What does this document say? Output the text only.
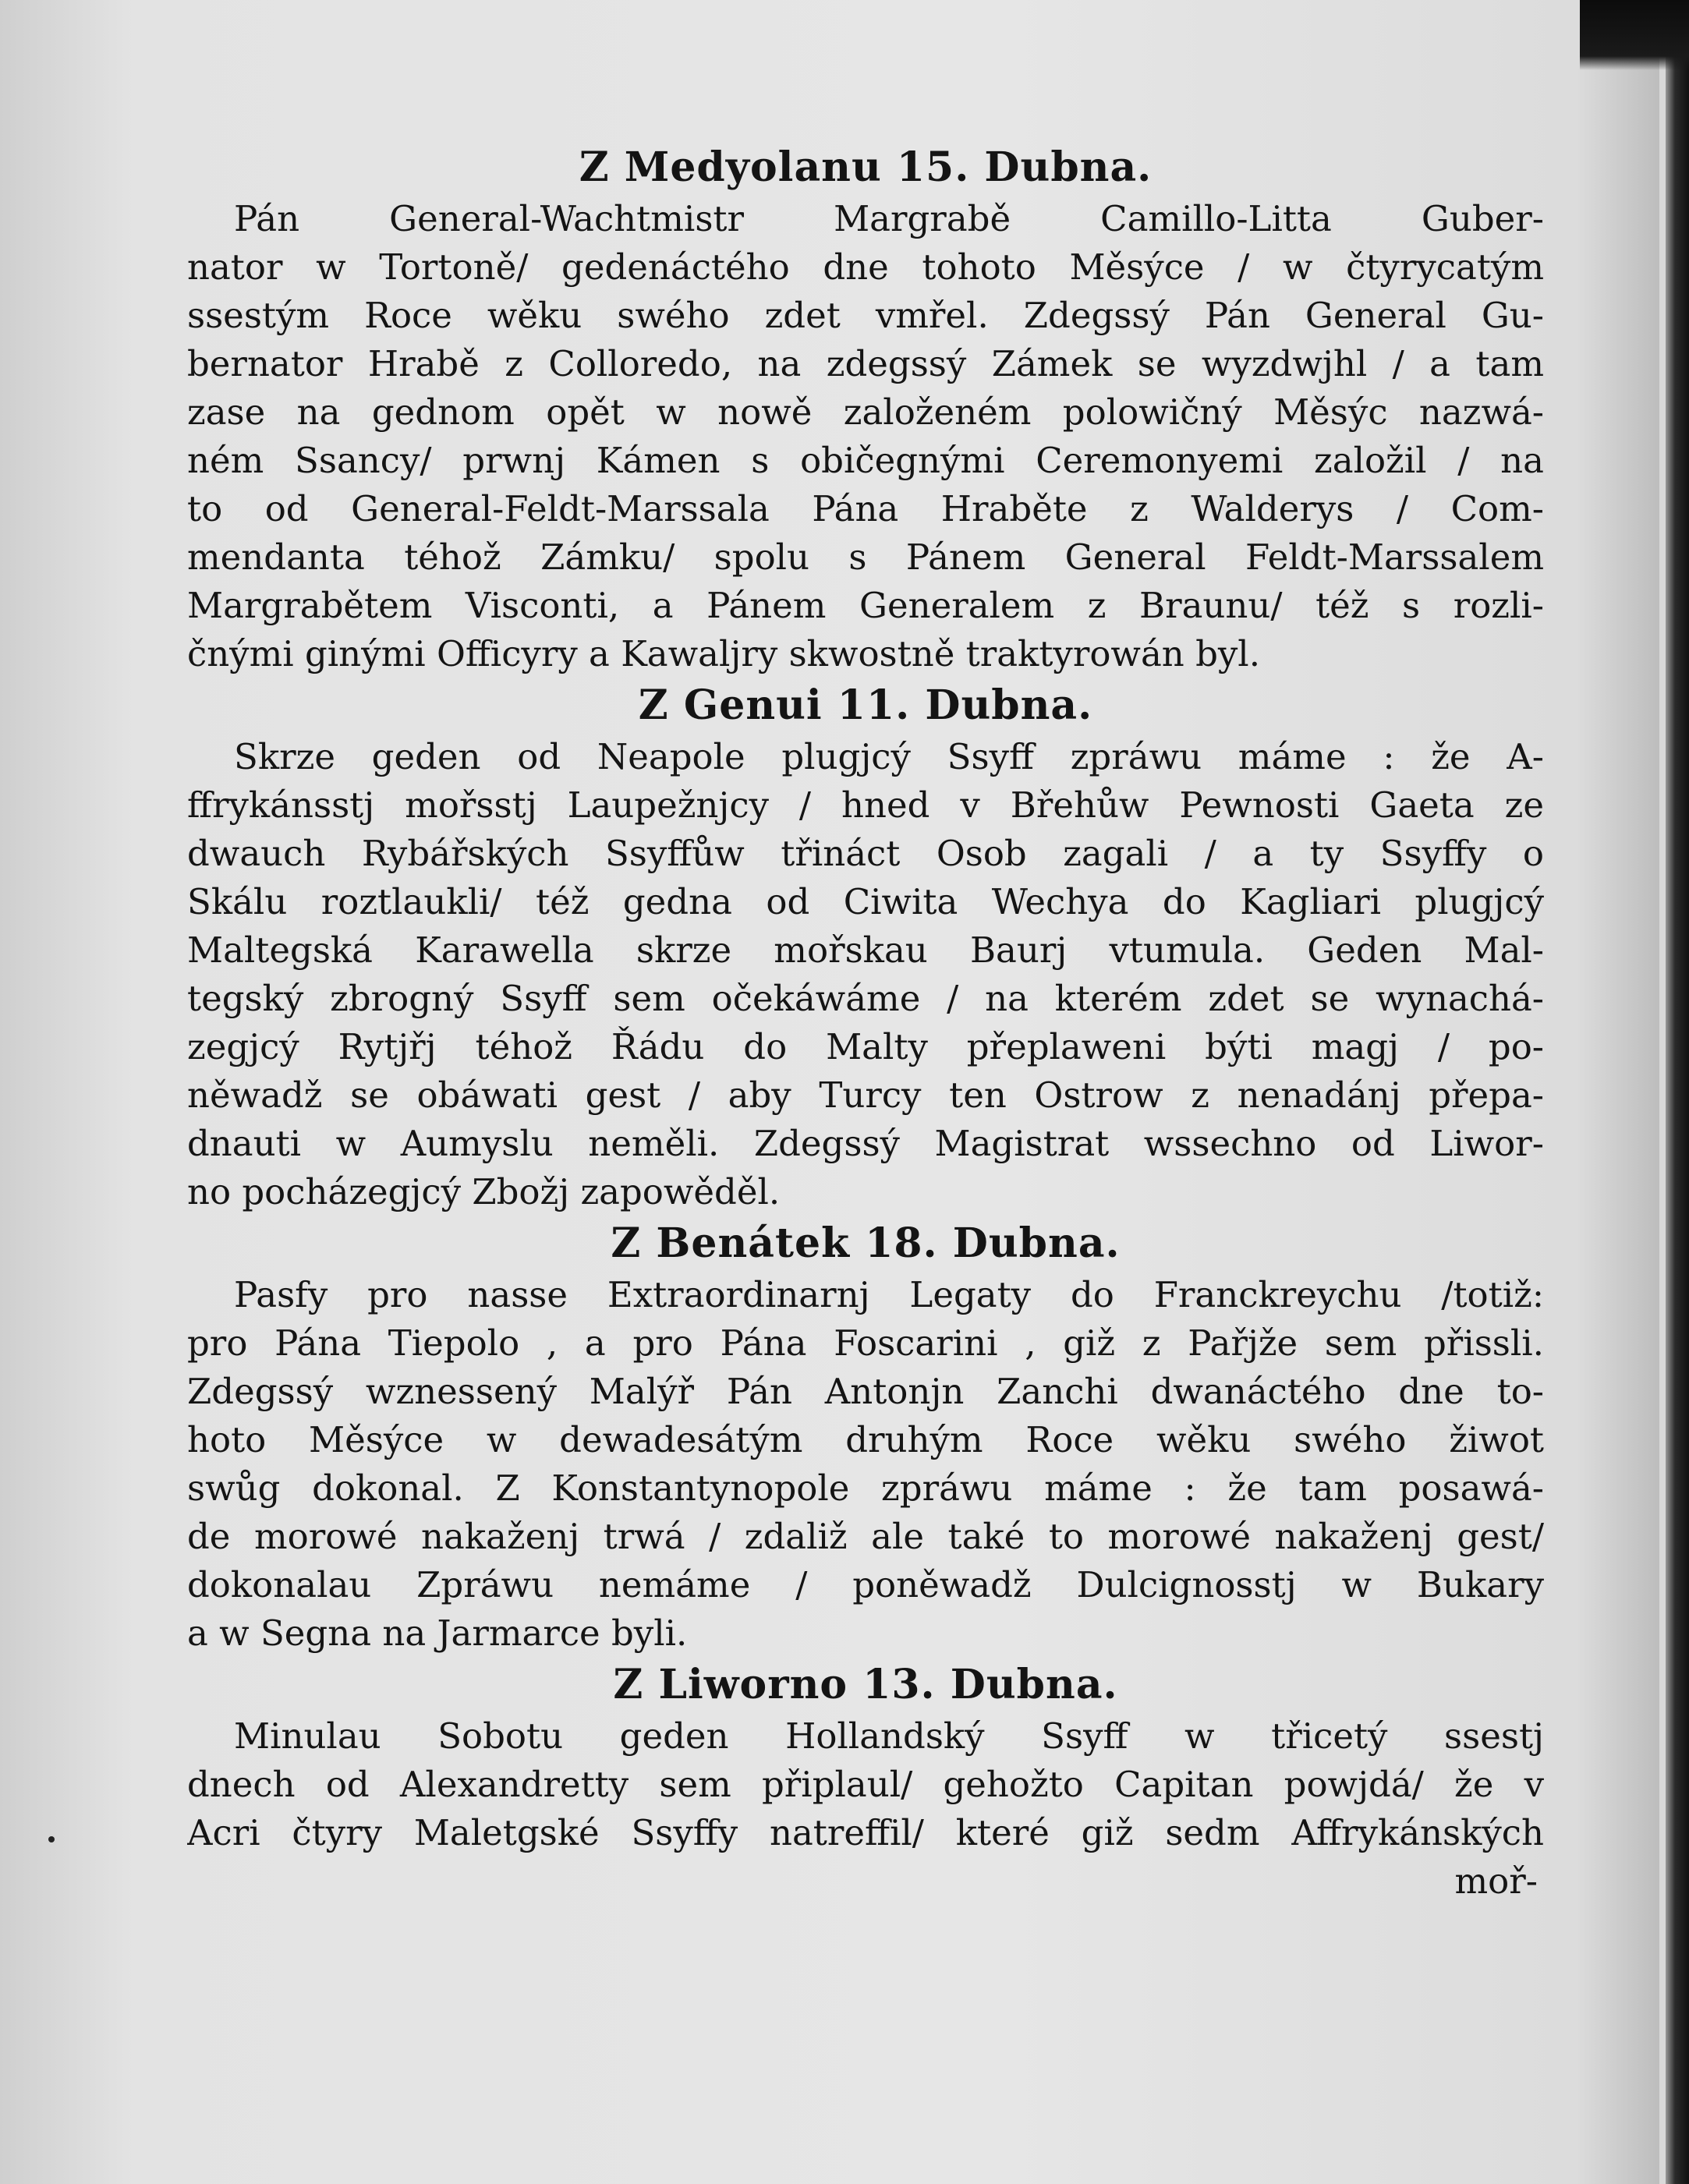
Z Medyolanu 15. Dubna.

Pán General-Wachtmistr Margrabě Camillo-Litta Guber-

nator w Tortoně/ gedenáctého dne tohoto Měsýce / w čtyrycatým

ssestým Roce wěku swého zdet vmřel. Zdegssý Pán General Gu-

bernator Hrabě z Colloredo, na zdegssý Zámek se wyzdwjhl / a tam

zase na gednom opět w nowě založeném polowičný Měsýc nazwá-

ném Ssancy/ prwnj Kámen s običegnými Ceremonyemi založil / na

to od General-Feldt-Marssala Pána Hraběte z Walderys / Com-

mendanta téhož Zámku/ spolu s Pánem General Feldt-Marssalem

Margrabětem Visconti, a Pánem Generalem z Braunu/ též s rozli-

čnými ginými Officyry a Kawaljry skwostně traktyrowán byl.

Z Genui 11. Dubna.

Skrze geden od Neapole plugjcý Ssyff zpráwu máme : že A-

ffrykánsstj mořsstj Laupežnjcy / hned v Břehůw Pewnosti Gaeta ze

dwauch Rybářských Ssyffůw třináct Osob zagali / a ty Ssyffy o

Skálu roztlaukli/ též gedna od Ciwita Wechya do Kagliari plugjcý

Maltegská Karawella skrze mořskau Baurj vtumula. Geden Mal-

tegský zbrogný Ssyff sem očekáwáme / na kterém zdet se wynachá-

zegjcý Rytjřj téhož Řádu do Malty přeplaweni býti magj / po-

něwadž se obáwati gest / aby Turcy ten Ostrow z nenadánj přepa-

dnauti w Aumyslu neměli. Zdegssý Magistrat wssechno od Liwor-

no pocházegjcý Zbožj zapowěděl.

Z Benátek 18. Dubna.

Pasfy pro nasse Extraordinarnj Legaty do Franckreychu /totiž:

pro Pána Tiepolo , a pro Pána Foscarini , giž z Pařjže sem přissli.

Zdegssý wznessený Malýř Pán Antonjn Zanchi dwanáctého dne to-

hoto Měsýce w dewadesátým druhým Roce wěku swého žiwot

swůg dokonal. Z Konstantynopole zpráwu máme : že tam posawá-

de morowé nakaženj trwá / zdaliž ale také to morowé nakaženj gest/

dokonalau Zpráwu nemáme / poněwadž Dulcignosstj w Bukary

a w Segna na Jarmarce byli.

Z Liworno 13. Dubna.

Minulau Sobotu geden Hollandský Ssyff w třicetý ssestj

dnech od Alexandretty sem připlaul/ gehožto Capitan powjdá/ že v

Acri čtyry Maletgské Ssyffy natreffil/ které giž sedm Affrykánských

moř-
